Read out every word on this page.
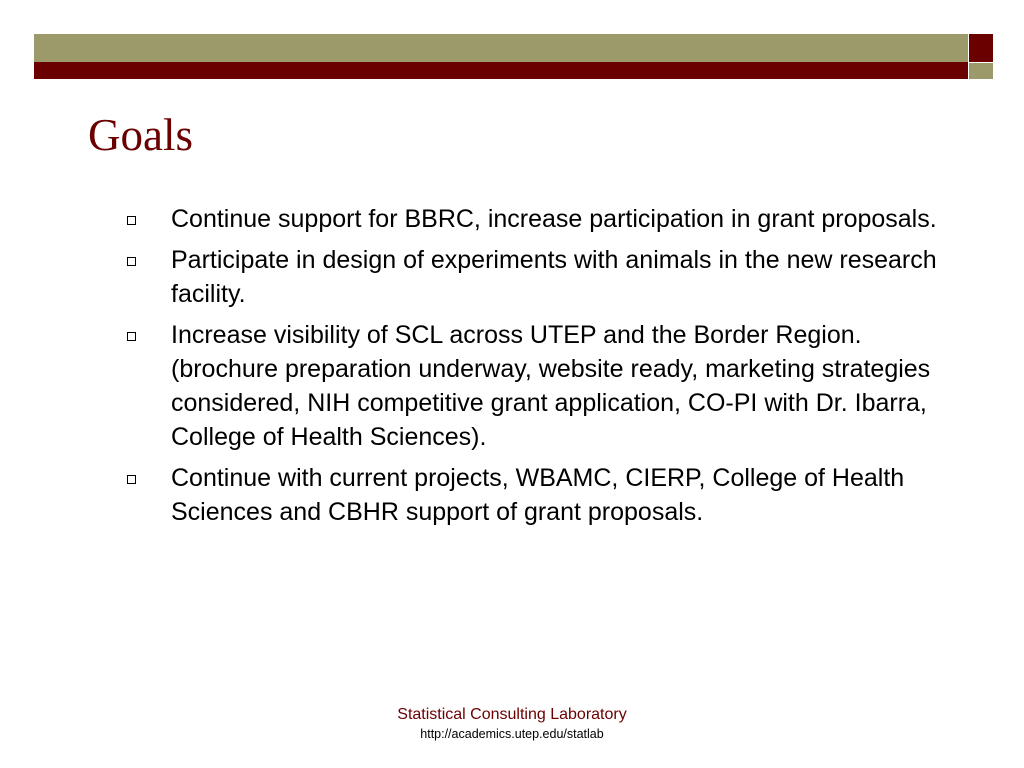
Goals
Continue support for BBRC, increase participation in grant proposals.
Participate in design of experiments with animals in the new research facility.
Increase visibility of SCL across UTEP and the Border Region. (brochure preparation underway, website ready, marketing strategies considered, NIH competitive grant application, CO-PI with Dr. Ibarra, College of Health Sciences).
Continue with current projects, WBAMC, CIERP, College of Health Sciences and CBHR support of grant proposals.
Statistical Consulting Laboratory
http://academics.utep.edu/statlab
